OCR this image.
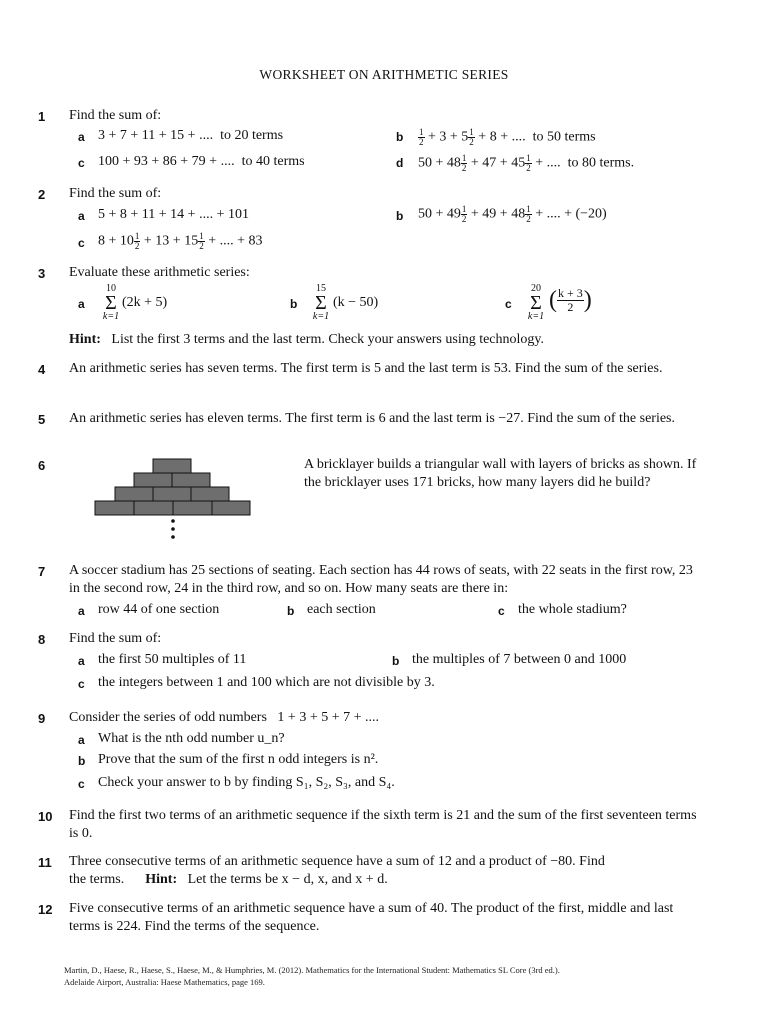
WORKSHEET ON ARITHMETIC SERIES
1	Find the sum of:
a 3 + 7 + 11 + 15 + .... to 20 terms	b $\frac{1}{2} + 3 + 5 \frac{1}{2} + 8$ + .... to 50 terms
c 100 + 93 + 86 + 79 + .... to 40 terms	d $50 + 48 \frac{1}{2} + 47 + 45 \frac{1}{2}$ + .... to 80 terms.
2	Find the sum of:
a 5 + 8 + 11 + 14 + .... + 101	b $50 + 49 \frac{1}{2} + 49 + 48 \frac{1}{2}$ + .... + (−20)
c $8 + 10 \frac{1}{2} + 13 + 15 \frac{1}{2}$ + .... + 83
3	Evaluate these arithmetic series:
a
10
Σ
k=1
(2k + 5)	b
15
Σ
k=1
(k − 50)	c
20
Σ
k=1
( $\frac{k + 3}{2}$ )
Hint: List the first 3 terms and the last term. Check your answers using technology.
4	An arithmetic series has seven terms. The first term is 5 and the last term is 53. Find the sum of the series.
5	An arithmetic series has eleven terms. The first term is 6 and the last term is −27. Find the sum of the series.
6	A bricklayer builds a triangular wall with layers of bricks as shown. If the bricklayer uses 171 bricks, how many layers did he build?
7	A soccer stadium has 25 sections of seating. Each section has 44 rows of seats, with 22 seats in the first row, 23 in the second row, 24 in the third row, and so on. How many seats are there in:
a row 44 of one section	b each section	c the whole stadium?
8	Find the sum of:
a the first 50 multiples of 11	b the multiples of 7 between 0 and 1000
c the integers between 1 and 100 which are not divisible by 3.
9	Consider the series of odd numbers 1 + 3 + 5 + 7 + ....
a What is the nth odd number u_n?
b Prove that the sum of the first n odd integers is n².
c Check your answer to b by finding S₁, S₂, S₃, and S₄.
10	Find the first two terms of an arithmetic sequence if the sixth term is 21 and the sum of the first seventeen terms is 0.
11	Three consecutive terms of an arithmetic sequence have a sum of 12 and a product of −80. Find
the terms. Hint: Let the terms be x − d, x, and x + d.
12	Five consecutive terms of an arithmetic sequence have a sum of 40. The product of the first, middle and last terms is 224. Find the terms of the sequence.
Martin, D., Haese, R., Haese, S., Haese, M., & Humphries, M. (2012). Mathematics for the International Student: Mathematics SL Core (3rd ed.).
Adelaide Airport, Australia: Haese Mathematics, page 169.
